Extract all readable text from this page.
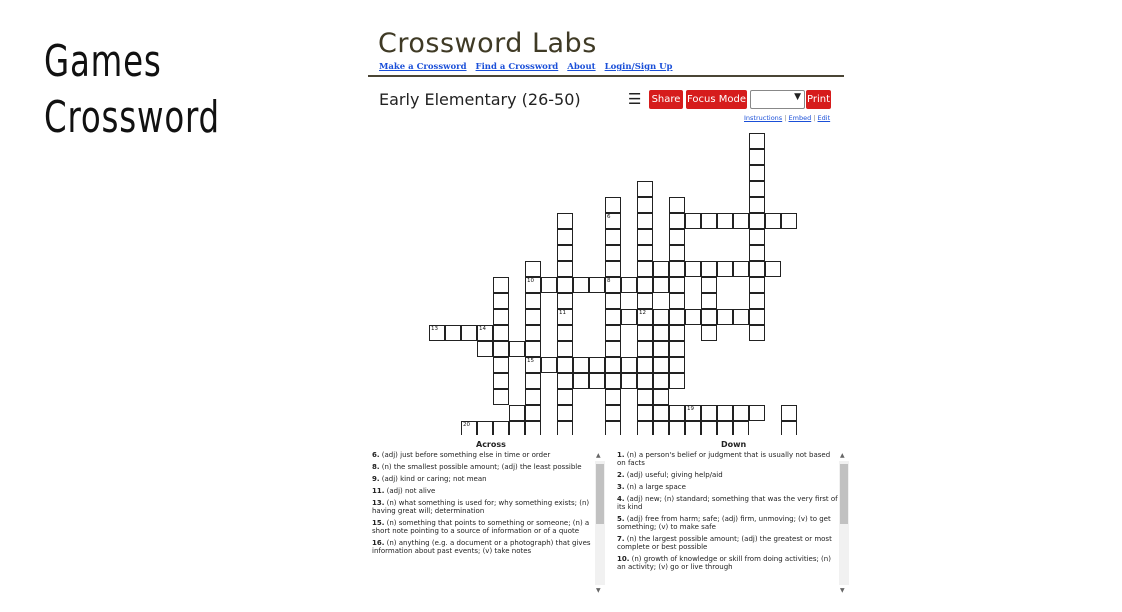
Games
Crossword
Crossword Labs
Make a Crossword Find a Crossword About Login/Sign Up
Early Elementary (26-50)	☰ Share Focus Mode	▼ Print
Instructions | Embed | Edit
12
6
8
11
10
15
13	14
19
20
Across	Down
6. (adj) just before something else in time or order
8. (n) the smallest possible amount; (adj) the least possible
9. (adj) kind or caring; not mean
11. (adj) not alive
13. (n) what something is used for; why something exists; (n) having great will; determination
15. (n) something that points to something or someone; (n) a short note pointing to a source of information or of a quote
16. (n) anything (e.g. a document or a photograph) that gives information about past events; (v) take notes
▲
▼
1. (n) a person's belief or judgment that is usually not based on facts
2. (adj) useful; giving help/aid
3. (n) a large space
4. (adj) new; (n) standard; something that was the very first of its kind
5. (adj) free from harm; safe; (adj) firm, unmoving; (v) to get something; (v) to make safe
7. (n) the largest possible amount; (adj) the greatest or most complete or best possible
10. (n) growth of knowledge or skill from doing activities; (n) an activity; (v) go or live through
▲
▼
